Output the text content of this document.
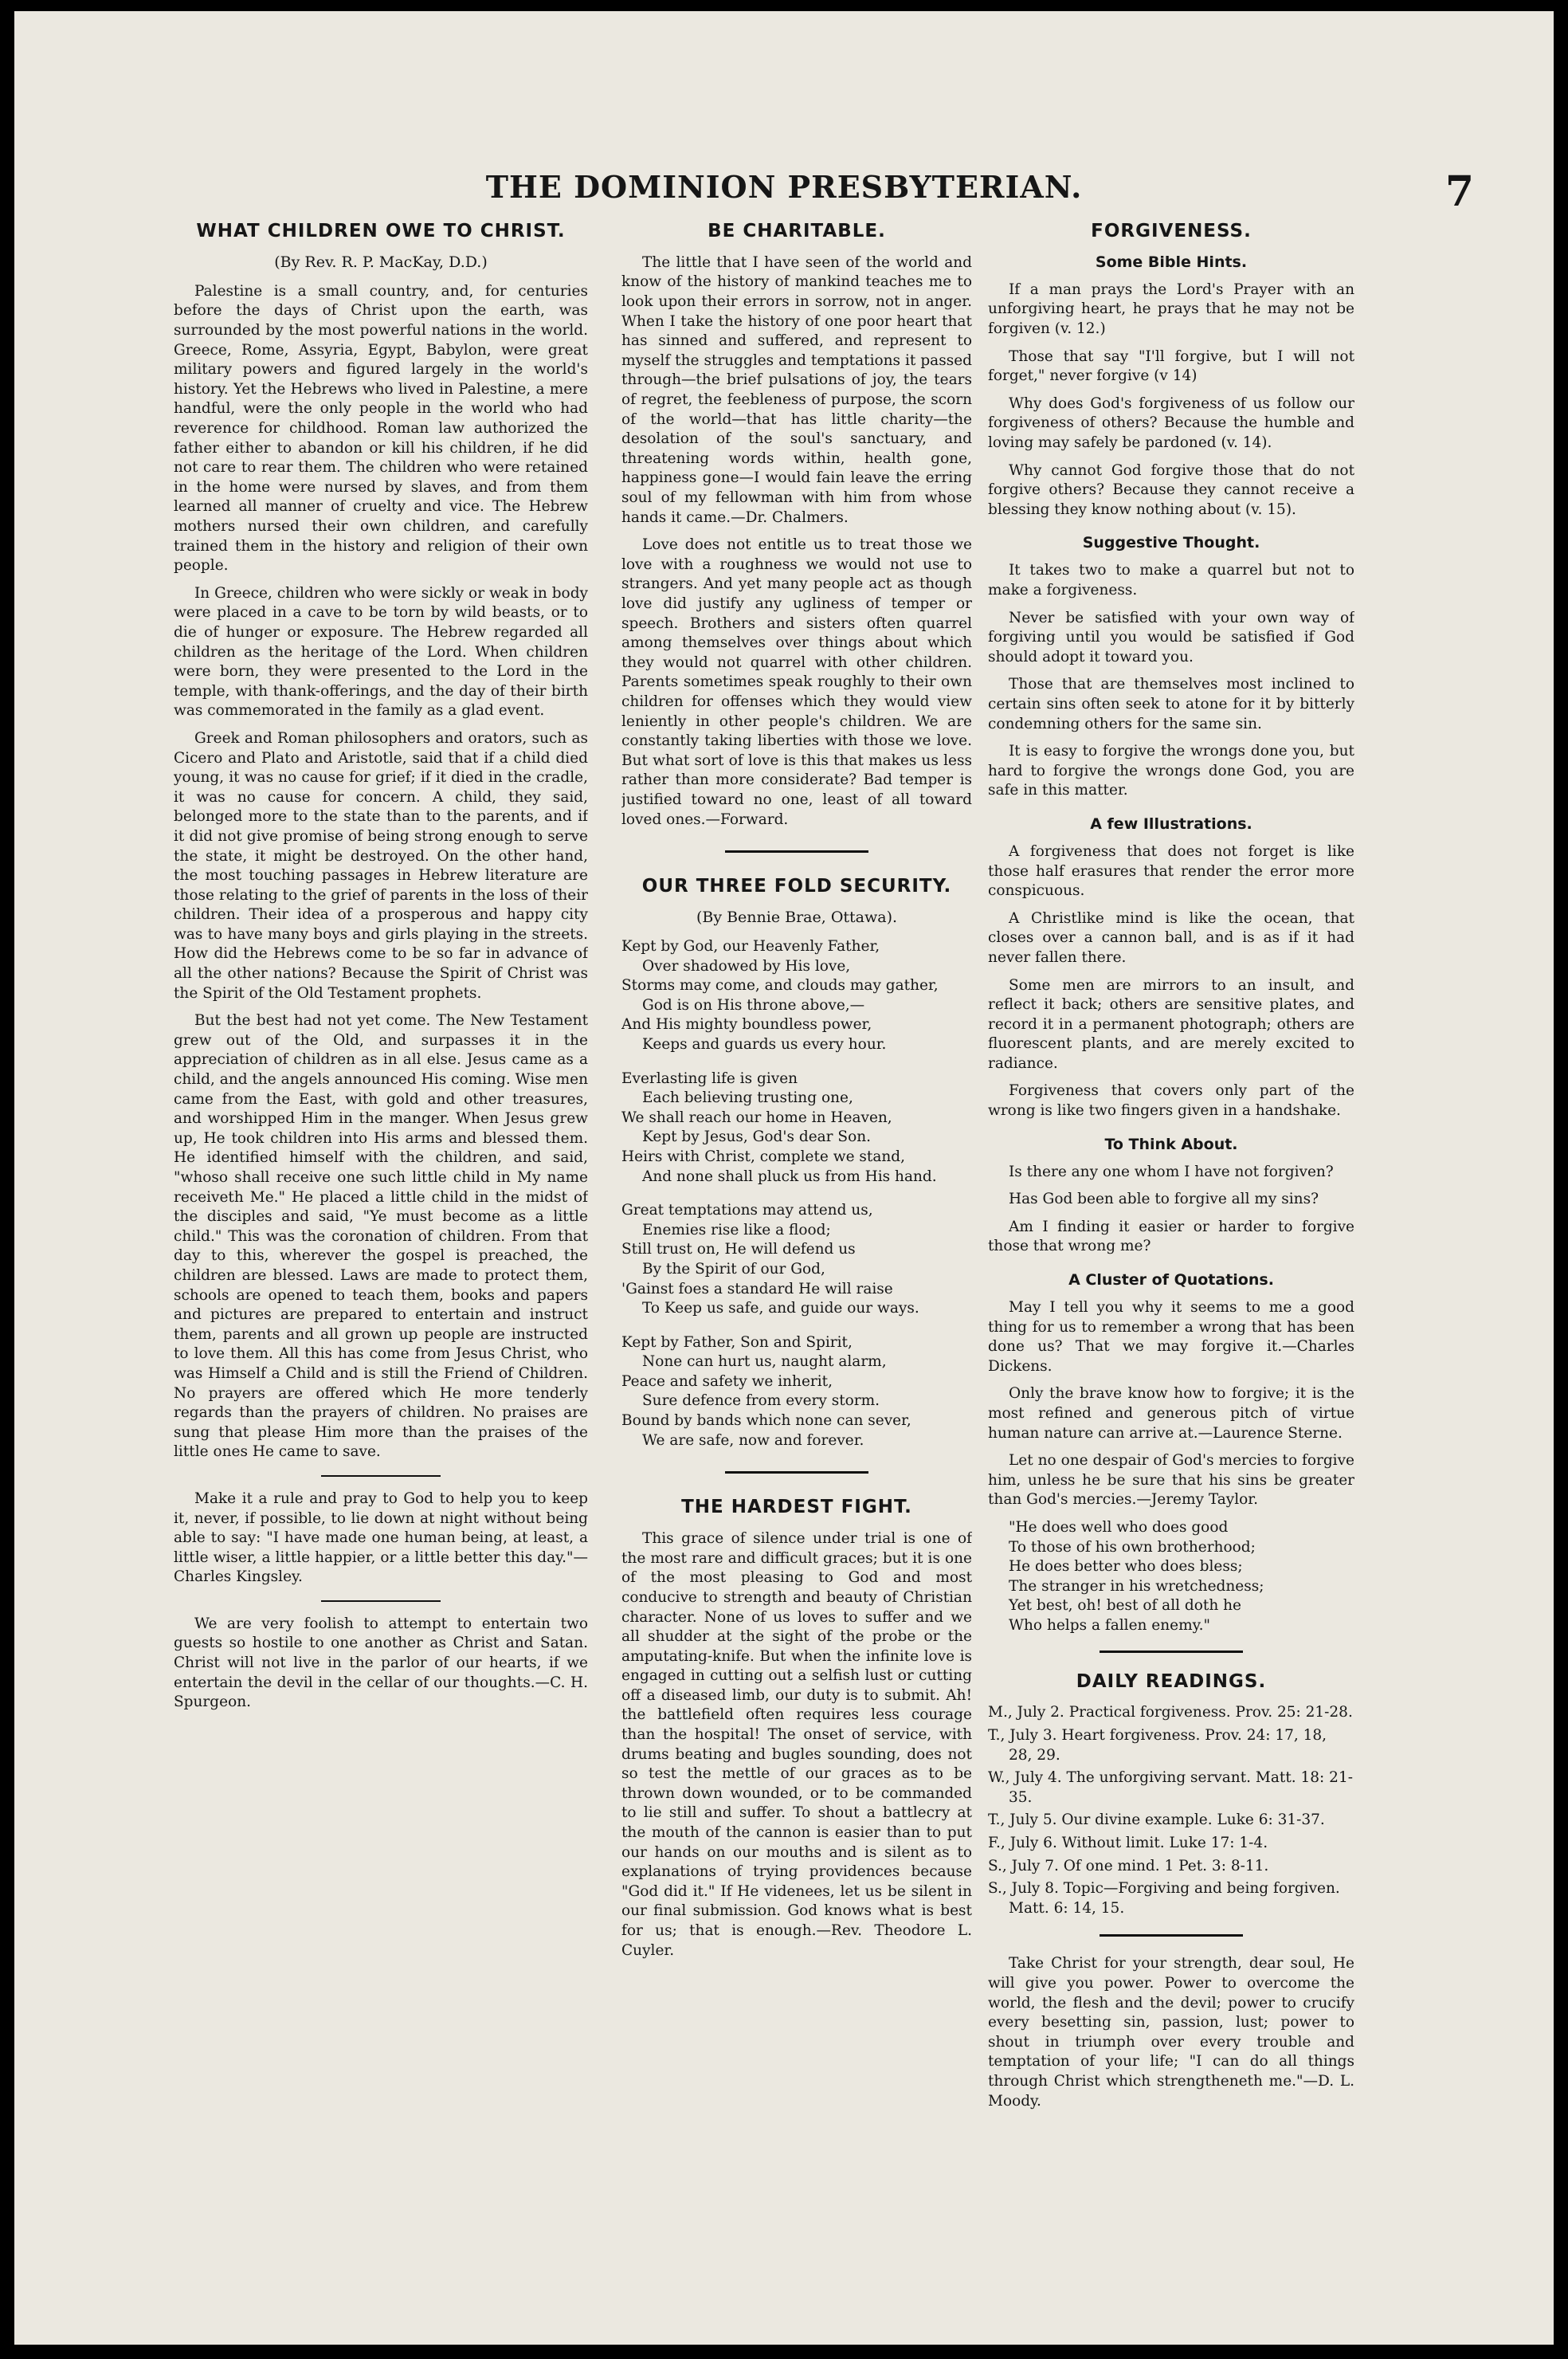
THE DOMINION PRESBYTERIAN.	7
WHAT CHILDREN OWE TO CHRIST.
(By Rev. R. P. MacKay, D.D.)

Palestine is a small country, and, for centuries before the days of Christ upon the earth, was surrounded by the most powerful nations in the world. Greece, Rome, Assyria, Egypt, Babylon, were great military powers and figured largely in the world's history. Yet the Hebrews who lived in Palestine, a mere handful, were the only people in the world who had reverence for childhood. Roman law authorized the father either to abandon or kill his children, if he did not care to rear them. The children who were retained in the home were nursed by slaves, and from them learned all manner of cruelty and vice. The Hebrew mothers nursed their own children, and carefully trained them in the history and religion of their own people.

In Greece, children who were sickly or weak in body were placed in a cave to be torn by wild beasts, or to die of hunger or exposure. The Hebrew regarded all children as the heritage of the Lord. When children were born, they were presented to the Lord in the temple, with thank-offerings, and the day of their birth was commemorated in the family as a glad event.

Greek and Roman philosophers and orators, such as Cicero and Plato and Aristotle, said that if a child died young, it was no cause for grief; if it died in the cradle, it was no cause for concern. A child, they said, belonged more to the state than to the parents, and if it did not give promise of being strong enough to serve the state, it might be destroyed. On the other hand, the most touching passages in Hebrew literature are those relating to the grief of parents in the loss of their children. Their idea of a prosperous and happy city was to have many boys and girls playing in the streets. How did the Hebrews come to be so far in advance of all the other nations? Because the Spirit of Christ was the Spirit of the Old Testament prophets.

But the best had not yet come. The New Testament grew out of the Old, and surpasses it in the appreciation of children as in all else. Jesus came as a child, and the angels announced His coming. Wise men came from the East, with gold and other treasures, and worshipped Him in the manger. When Jesus grew up, He took children into His arms and blessed them. He identified himself with the children, and said, "whoso shall receive one such little child in My name receiveth Me." He placed a little child in the midst of the disciples and said, "Ye must become as a little child." This was the coronation of children. From that day to this, wherever the gospel is preached, the children are blessed. Laws are made to protect them, schools are opened to teach them, books and papers and pictures are prepared to entertain and instruct them, parents and all grown up people are instructed to love them. All this has come from Jesus Christ, who was Himself a Child and is still the Friend of Children. No prayers are offered which He more tenderly regards than the prayers of children. No praises are sung that please Him more than the praises of the little ones He came to save.

Make it a rule and pray to God to help you to keep it, never, if possible, to lie down at night without being able to say: "I have made one human being, at least, a little wiser, a little happier, or a little better this day."—Charles Kingsley.

We are very foolish to attempt to entertain two guests so hostile to one another as Christ and Satan. Christ will not live in the parlor of our hearts, if we entertain the devil in the cellar of our thoughts.—C. H. Spurgeon.

BE CHARITABLE.

The little that I have seen of the world and know of the history of mankind teaches me to look upon their errors in sorrow, not in anger. When I take the history of one poor heart that has sinned and suffered, and represent to myself the struggles and temptations it passed through—the brief pulsations of joy, the tears of regret, the feebleness of purpose, the scorn of the world—that has little charity—the desolation of the soul's sanctuary, and threatening words within, health gone, happiness gone—I would fain leave the erring soul of my fellowman with him from whose hands it came.—Dr. Chalmers.

Love does not entitle us to treat those we love with a roughness we would not use to strangers. And yet many people act as though love did justify any ugliness of temper or speech. Brothers and sisters often quarrel among themselves over things about which they would not quarrel with other children. Parents sometimes speak roughly to their own children for offenses which they would view leniently in other people's children. We are constantly taking liberties with those we love. But what sort of love is this that makes us less rather than more considerate? Bad temper is justified toward no one, least of all toward loved ones.—Forward.

OUR THREE FOLD SECURITY.
(By Bennie Brae, Ottawa).
Kept by God, our Heavenly Father,
Over shadowed by His love,
Storms may come, and clouds may gather,
God is on His throne above,—
And His mighty boundless power,
Keeps and guards us every hour.
Everlasting life is given
Each believing trusting one,
We shall reach our home in Heaven,
Kept by Jesus, God's dear Son.
Heirs with Christ, complete we stand,
And none shall pluck us from His hand.
Great temptations may attend us,
Enemies rise like a flood;
Still trust on, He will defend us
By the Spirit of our God,
'Gainst foes a standard He will raise
To Keep us safe, and guide our ways.
Kept by Father, Son and Spirit,
None can hurt us, naught alarm,
Peace and safety we inherit,
Sure defence from every storm.
Bound by bands which none can sever,
We are safe, now and forever.
THE HARDEST FIGHT.

This grace of silence under trial is one of the most rare and difficult graces; but it is one of the most pleasing to God and most conducive to strength and beauty of Christian character. None of us loves to suffer and we all shudder at the sight of the probe or the amputating-knife. But when the infinite love is engaged in cutting out a selfish lust or cutting off a diseased limb, our duty is to submit. Ah! the battlefield often requires less courage than the hospital! The onset of service, with drums beating and bugles sounding, does not so test the mettle of our graces as to be thrown down wounded, or to be commanded to lie still and suffer. To shout a battlecry at the mouth of the cannon is easier than to put our hands on our mouths and is silent as to explanations of trying providences because "God did it." If He videnees, let us be silent in our final submission. God knows what is best for us; that is enough.—Rev. Theodore L. Cuyler.

FORGIVENESS.
Some Bible Hints.

If a man prays the Lord's Prayer with an unforgiving heart, he prays that he may not be forgiven (v. 12.)

Those that say "I'll forgive, but I will not forget," never forgive (v 14)

Why does God's forgiveness of us follow our forgiveness of others? Because the humble and loving may safely be pardoned (v. 14).

Why cannot God forgive those that do not forgive others? Because they cannot receive a blessing they know nothing about (v. 15).

Suggestive Thought.

It takes two to make a quarrel but not to make a forgiveness.

Never be satisfied with your own way of forgiving until you would be satisfied if God should adopt it toward you.

Those that are themselves most inclined to certain sins often seek to atone for it by bitterly condemning others for the same sin.

It is easy to forgive the wrongs done you, but hard to forgive the wrongs done God, you are safe in this matter.

A few Illustrations.

A forgiveness that does not forget is like those half erasures that render the error more conspicuous.

A Christlike mind is like the ocean, that closes over a cannon ball, and is as if it had never fallen there.

Some men are mirrors to an insult, and reflect it back; others are sensitive plates, and record it in a permanent photograph; others are fluorescent plants, and are merely excited to radiance.

Forgiveness that covers only part of the wrong is like two fingers given in a handshake.

To Think About.

Is there any one whom I have not forgiven?

Has God been able to forgive all my sins?

Am I finding it easier or harder to forgive those that wrong me?

A Cluster of Quotations.

May I tell you why it seems to me a good thing for us to remember a wrong that has been done us? That we may forgive it.—Charles Dickens.

Only the brave know how to forgive; it is the most refined and generous pitch of virtue human nature can arrive at.—Laurence Sterne.

Let no one despair of God's mercies to forgive him, unless he be sure that his sins be greater than God's mercies.—Jeremy Taylor.

"He does well who does good
To those of his own brotherhood;
He does better who does bless;
The stranger in his wretchedness;
Yet best, oh! best of all doth he
Who helps a fallen enemy."
DAILY READINGS.
M., July 2. Practical forgiveness. Prov. 25: 21-28.
T., July 3. Heart forgiveness. Prov. 24: 17, 18, 28, 29.
W., July 4. The unforgiving servant. Matt. 18: 21-35.
T., July 5. Our divine example. Luke 6: 31-37.
F., July 6. Without limit. Luke 17: 1-4.
S., July 7. Of one mind. 1 Pet. 3: 8-11.
S., July 8. Topic—Forgiving and being forgiven. Matt. 6: 14, 15.

Take Christ for your strength, dear soul, He will give you power. Power to overcome the world, the flesh and the devil; power to crucify every besetting sin, passion, lust; power to shout in triumph over every trouble and temptation of your life; "I can do all things through Christ which strengtheneth me."—D. L. Moody.
